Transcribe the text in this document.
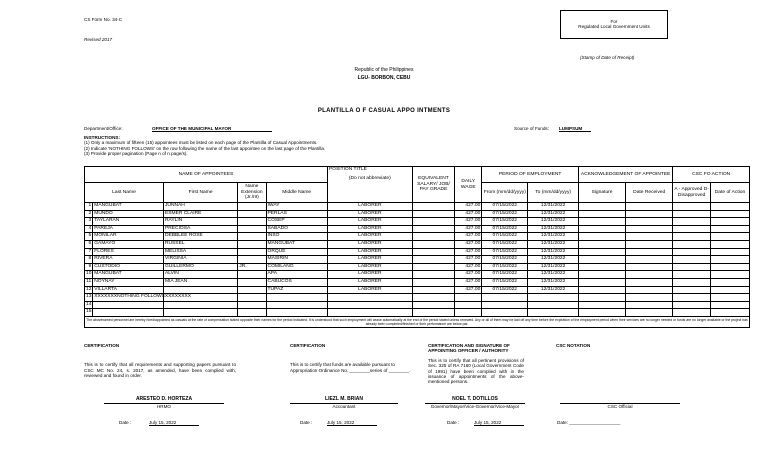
CS Form No. 34-C
Revised 2017
For
Regulated Local Government Units
(Stamp of Date of Receipt)
Republic of the Philippines
LGU- BORBON, CEBU
PLANTILLA O F CASUAL APPO INTMENTS
Department/Office:	OFFICE OF THE MUNICIPAL MAYOR	Source of Funds: LUMPSUM
INSTRUCTIONS:
(1) Only a maximum of fifteen (15) appointees must be listed on each page of the Plantilla of Casual Appointments.
(2) Indicate 'NOTHING FOLLOWS' on the row following the name of the last appointee on the last page of the Plantilla.
(3) Provide proper pagination (Page n of n page/s).
NAME OF APPOINTEES					POSITION TITLE
(Do not abbreviate)	EQUIVALENT SALARY/ JOB/ PAY GRADE	DAILY WAGE	PERIOD OF EMPLOYMENT		ACKNOWLEDGEMENT OF APPOINTEE		CSC FO ACTION	
Last Name		First Name	Name Extension (Jr./III)	Middle Name				From (mm/dd/yyyy)	To (mm/dd/yyyy)	Signature	Date Received	A - Approved D- Disapproved	Date of Action
1	MANGUBAT	JUNNAH		IWAY	LABORER		427.00	07/15/2022	12/31/2022				
2	MUNDO	ESMER CLAIRE		PERLAS	LABORER		427.00	07/15/2022	12/31/2022				
3	TAYLARAN	RAYLIN		COSEP	LABORER		427.00	07/15/2022	12/31/2022				
4	PAREJA	PRECIOSA		SABADO	LABORER		427.00	07/15/2022	12/31/2022				
5	MONILAR	DEBBLEE ROSE		INSO	LABORER		427.00	07/15/2022	12/31/2022				
6	GAMAYO	RUSSEL		MANGUBAT	LABORER		427.00	07/15/2022	12/31/2022				
7	FLORES	MELISSA		ORQUE	LABORER		427.00	07/15/2022	12/31/2022				
8	RIVERA	VIRGINIA		MASIRIN	LABORER		427.00	07/15/2022	12/31/2022				
9	CUSTODIO	GUILLERMO	JR.	COMILANG	LABORER		427.00	07/15/2022	12/31/2022				
10	MANGUBAT	ALVIN		APA	LABORER		427.00	07/15/2022	12/31/2022				
11	NOYNAY	MIA JEAN		CABUCOS	LABORER		427.00	07/15/2022	12/31/2022				
12	VILLARTA			TUPAZ	LABORER		427.00	07/15/2022	12/31/2022				
13	XXXXXXXNOTHING FOLLOWSXXXXXXXX												
14													
15													
The abovenamed personnel are hereby hired/appointed as casuals at the rate of compensation stated opposite their names for the period indicated. It is understood that such employment will cease automatically at the end of the period stated unless renewed. Any or all of them may be laid off any time before the expiration of the employment period when their services are no longer needed or funds are no longer available or the project has already been completed/finished or their performance are below par.													
CERTIFICATION
This is to certify that all requirements and supporting papers pursuant to CSC MC No. 24, s. 2017, as amended, have been complied with, reviewed and found in order.
ARESTEO D. HORTEZA
HRMO
Date :	July 15, 2022
CERTIFICATION
This is to certify that funds are available pursuant to Appropriation Ordinance No. ________series of ________.
LIEZL M. BRIAN
Accountant
Date :	July 15, 2022
CERTIFICATION AND SIGNATURE OF APPOINTING OFFICER / AUTHORITY
This is to certify that all pertinent provisions of Sec. 325 of RA 7160 (Local Government Code of 1991) have been complied with in the issuance of appointments of the above-mentioned persons.
NOEL T. DOTILLOS
Governor/Mayor/Vice-Governor/Vice-Mayor
Date :	July 15, 2022
CSC NOTATION
CSC Official
Date: ____________________
